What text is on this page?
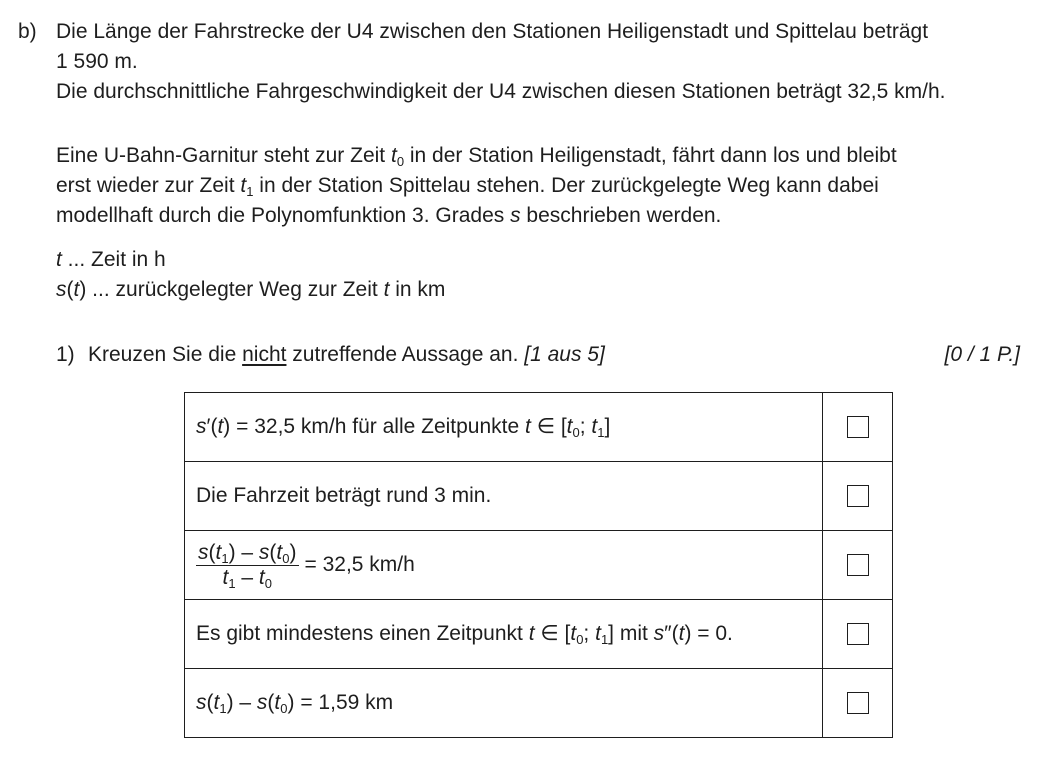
b) Die Länge der Fahrstrecke der U4 zwischen den Stationen Heiligenstadt und Spittelau beträgt
1 590 m.
Die durchschnittliche Fahrgeschwindigkeit der U4 zwischen diesen Stationen beträgt 32,5 km/h.
Eine U-Bahn-Garnitur steht zur Zeit $t_0$ in der Station Heiligenstadt, fährt dann los und bleibt
erst wieder zur Zeit $t_1$ in der Station Spittelau stehen. Der zurückgelegte Weg kann dabei
modellhaft durch die Polynomfunktion 3. Grades s beschrieben werden.
t ... Zeit in h
s(t) ... zurückgelegter Weg zur Zeit t in km
1) Kreuzen Sie die nicht zutreffende Aussage an. [1 aus 5]	[0 / 1 P.]
s′(t) = 32,5 km/h für alle Zeitpunkte t ∈ [$t_0$; $t_1$]	
Die Fahrzeit beträgt rund 3 min.	

$\frac{s(t_1) - s(t_0)}{t_1 - t_0} = 32,5$ km/h	
Es gibt mindestens einen Zeitpunkt t ∈ [$t_0$; $t_1$] mit s″(t) = 0.	
$s(t_1) - s(t_0) = 1,59$ km	
